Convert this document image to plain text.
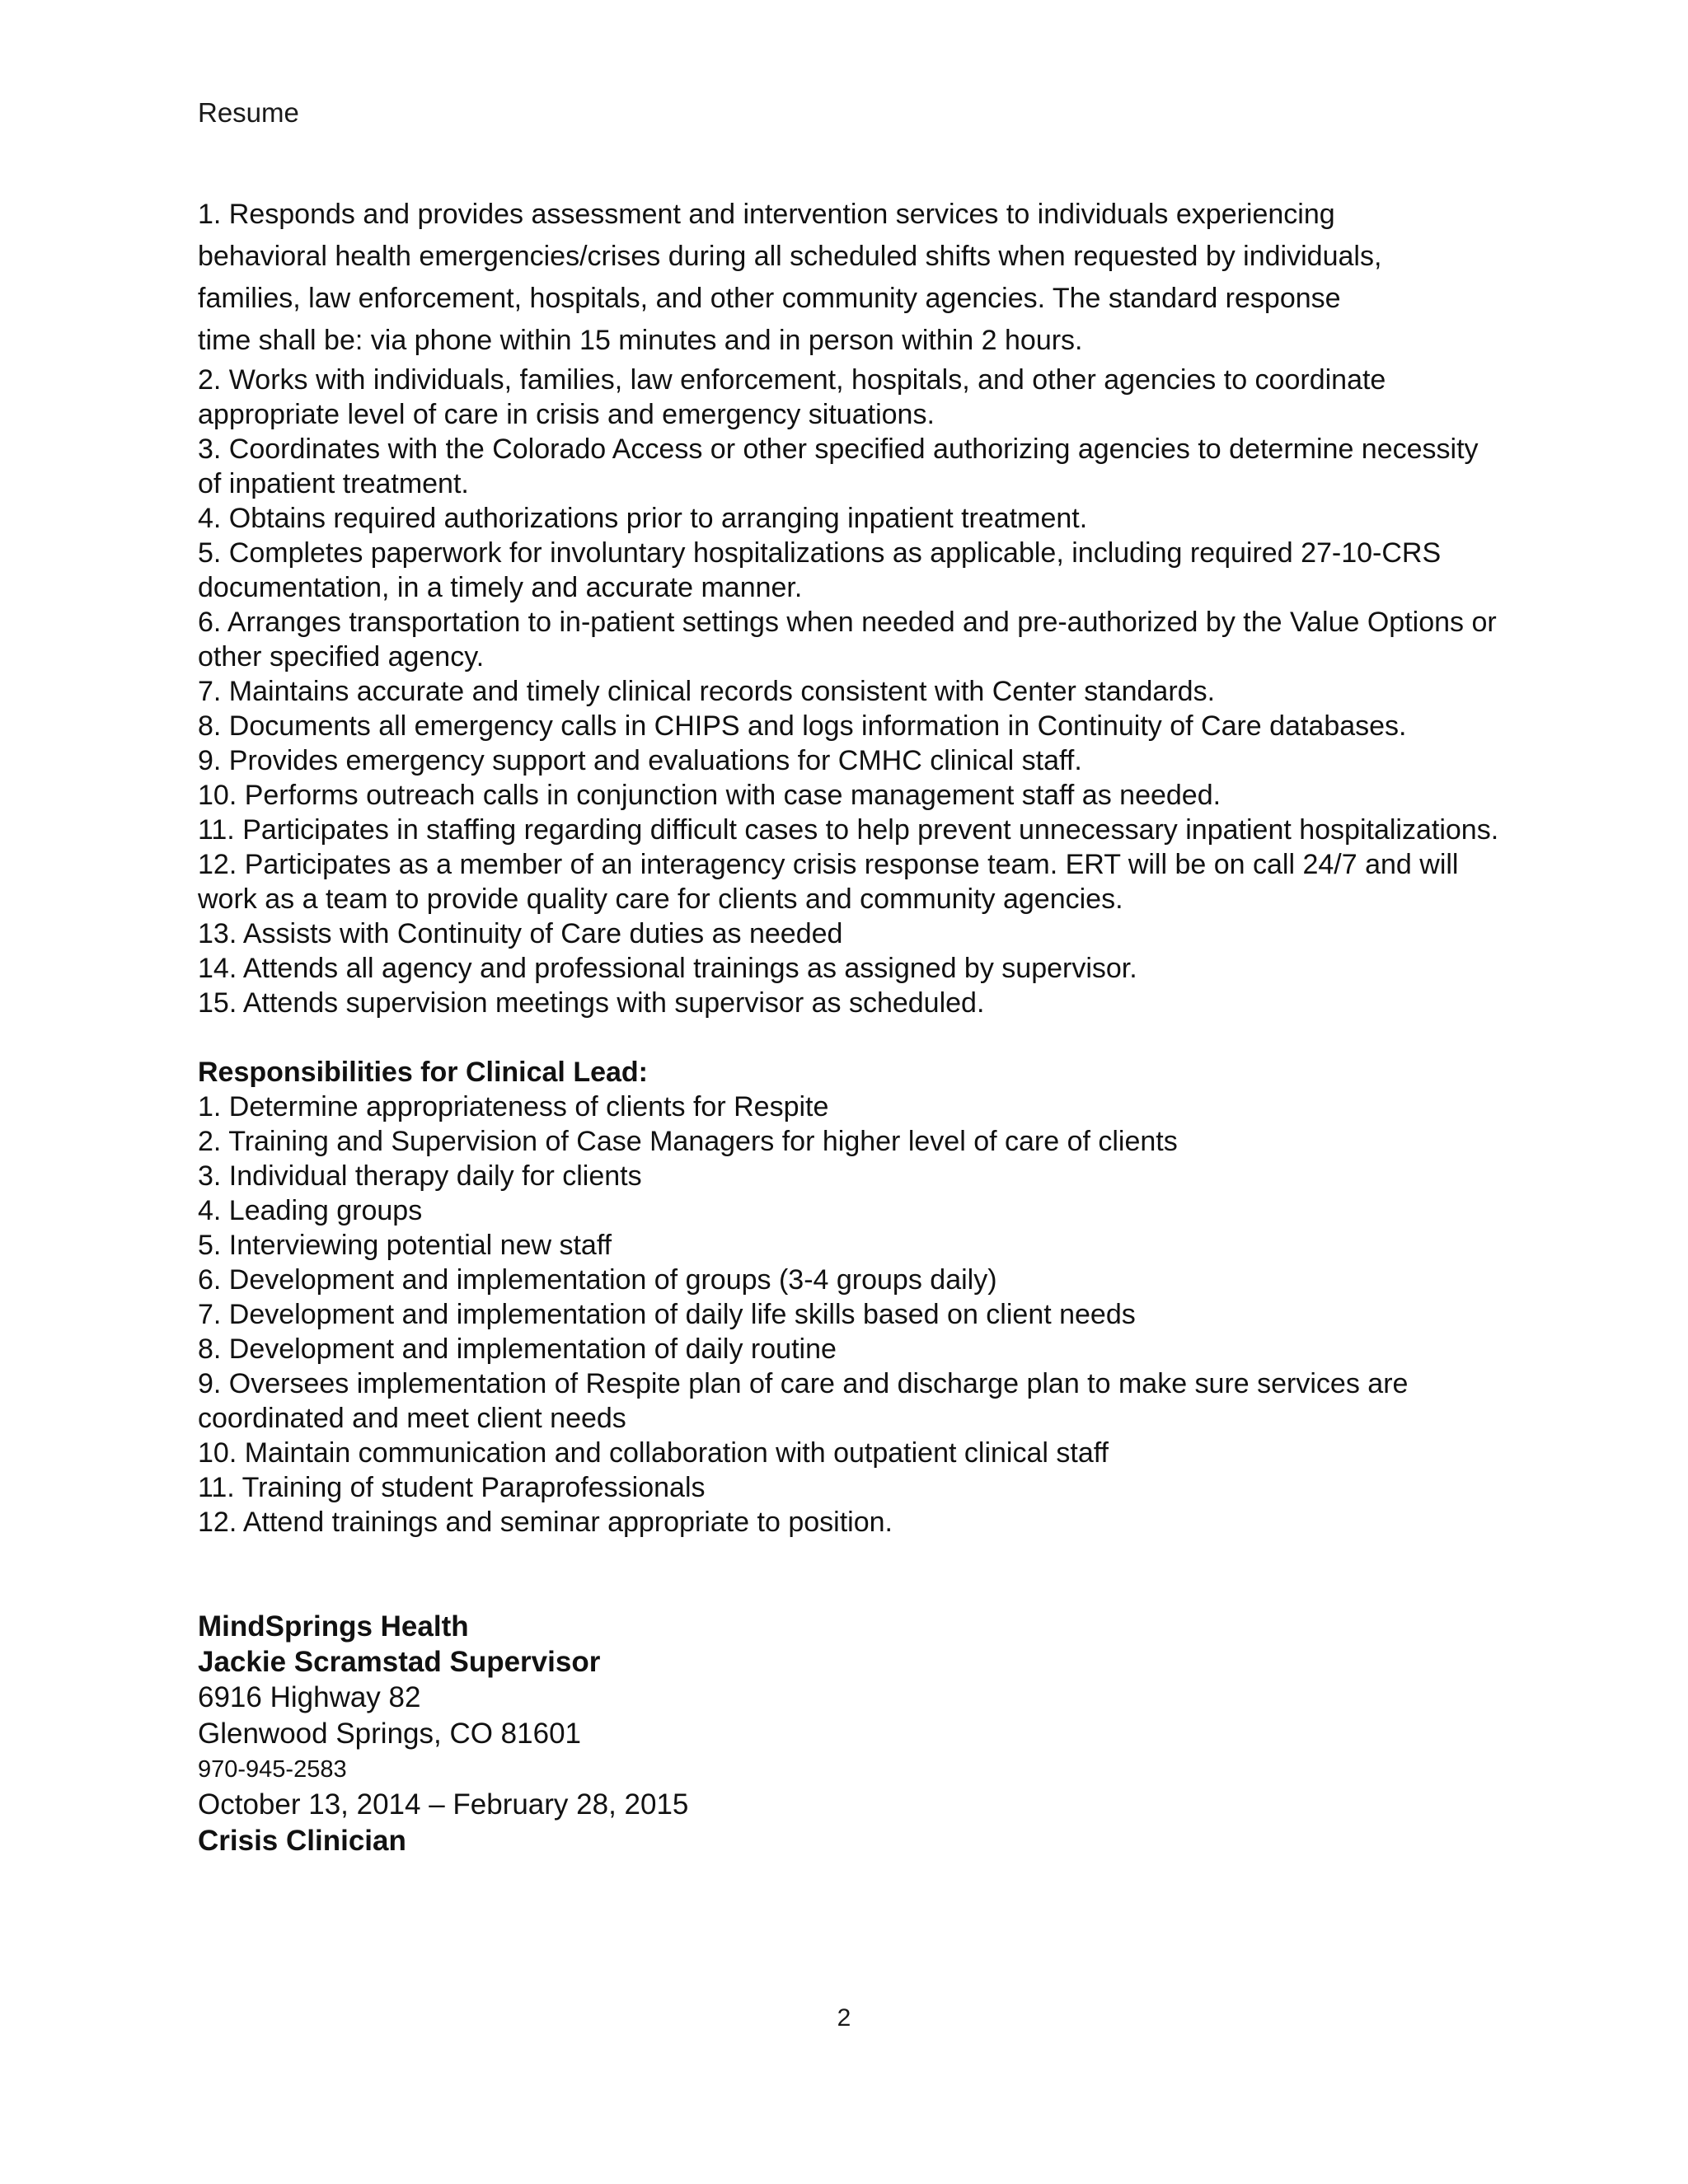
Resume
1. Responds and provides assessment and intervention services to individuals experiencing
behavioral health emergencies/crises during all scheduled shifts when requested by individuals,
families, law enforcement, hospitals, and other community agencies. The standard response
time shall be: via phone within 15 minutes and in person within 2 hours.
2. Works with individuals, families, law enforcement, hospitals, and other agencies to coordinate appropriate level of care in crisis and emergency situations.
3. Coordinates with the Colorado Access or other specified authorizing agencies to determine necessity of inpatient treatment.
4. Obtains required authorizations prior to arranging inpatient treatment.
5. Completes paperwork for involuntary hospitalizations as applicable, including required 27-10-CRS documentation, in a timely and accurate manner.
6. Arranges transportation to in-patient settings when needed and pre-authorized by the Value Options or other specified agency.
7. Maintains accurate and timely clinical records consistent with Center standards.
8. Documents all emergency calls in CHIPS and logs information in Continuity of Care databases.
9. Provides emergency support and evaluations for CMHC clinical staff.
10. Performs outreach calls in conjunction with case management staff as needed.
11. Participates in staffing regarding difficult cases to help prevent unnecessary inpatient hospitalizations.
12. Participates as a member of an interagency crisis response team. ERT will be on call 24/7 and will work as a team to provide quality care for clients and community agencies.
13. Assists with Continuity of Care duties as needed
14. Attends all agency and professional trainings as assigned by supervisor.
15. Attends supervision meetings with supervisor as scheduled.
Responsibilities for Clinical Lead:
1. Determine appropriateness of clients for Respite
2. Training and Supervision of Case Managers for higher level of care of clients
3. Individual therapy daily for clients
4. Leading groups
5. Interviewing potential new staff
6. Development and implementation of groups (3-4 groups daily)
7. Development and implementation of daily life skills based on client needs
8. Development and implementation of daily routine
9. Oversees implementation of Respite plan of care and discharge plan to make sure services are coordinated and meet client needs
10. Maintain communication and collaboration with outpatient clinical staff
11. Training of student Paraprofessionals
12. Attend trainings and seminar appropriate to position.
MindSprings Health
Jackie Scramstad Supervisor
6916 Highway 82
Glenwood Springs, CO 81601
970-945-2583
October 13, 2014 – February 28, 2015
Crisis Clinician
2
